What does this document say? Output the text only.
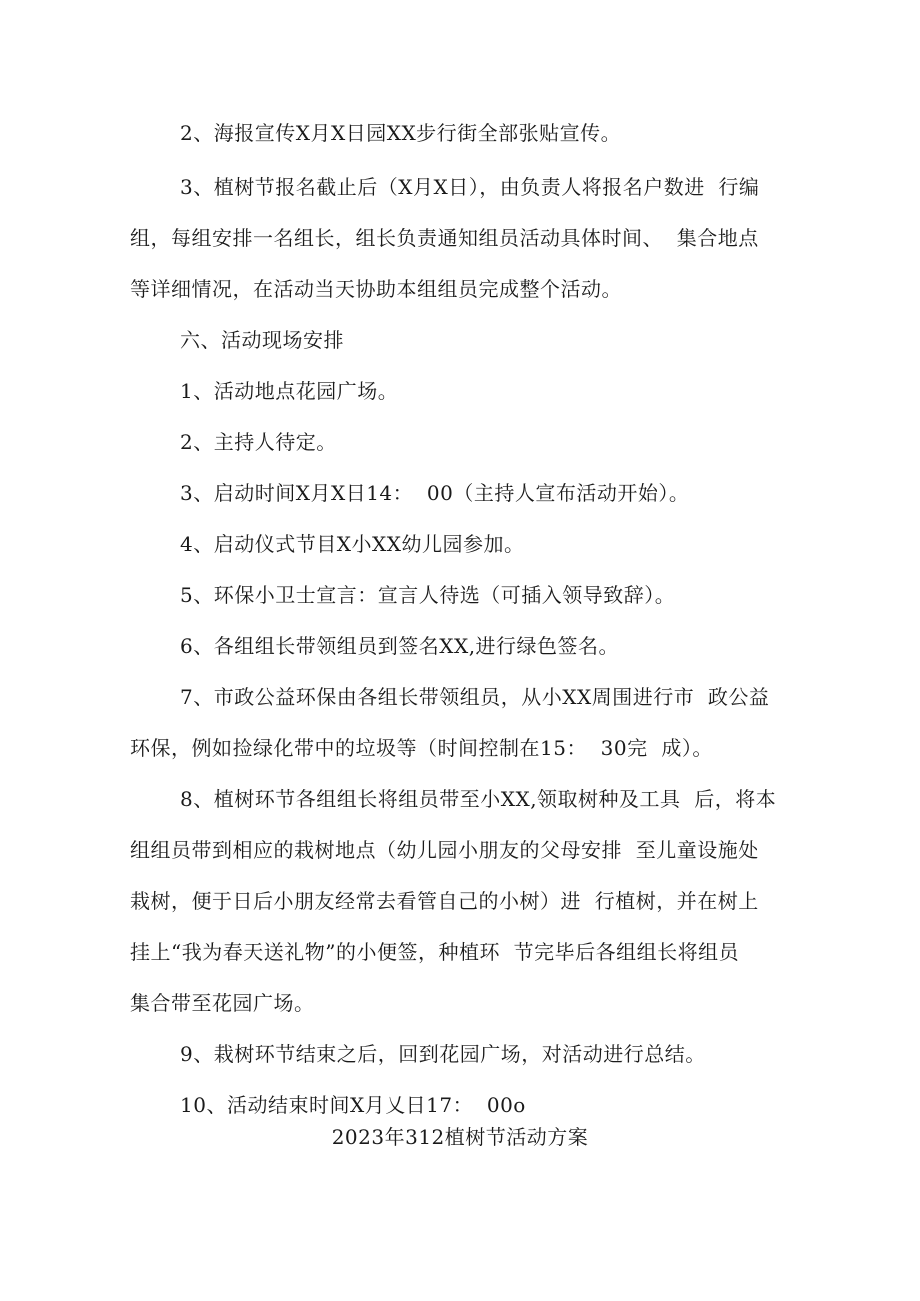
2、海报宣传X月X日园XX步行街全部张贴宣传。
3、植树节报名截止后（X月X日），由负责人将报名户数进  行编
组，每组安排一名组长，组长负责通知组员活动具体时间、  集合地点
等详细情况，在活动当天协助本组组员完成整个活动。
六、活动现场安排
1、活动地点花园广场。
2、主持人待定。
3、启动时间X月X日14：  00（主持人宣布活动开始）。
4、启动仪式节目X小XX幼儿园参加。
5、环保小卫士宣言：宣言人待选（可插入领导致辞）。
6、各组组长带领组员到签名XX,进行绿色签名。
7、市政公益环保由各组长带领组员，从小XX周围进行市  政公益
环保，例如捡绿化带中的垃圾等（时间控制在15：  30完  成）。
8、植树环节各组组长将组员带至小XX,领取树种及工具  后，将本
组组员带到相应的栽树地点（幼儿园小朋友的父母安排  至儿童设施处
栽树，便于日后小朋友经常去看管自己的小树）进  行植树，并在树上
挂上“我为春天送礼物”的小便签，种植环  节完毕后各组组长将组员
集合带至花园广场。
9、栽树环节结束之后，回到花园广场，对活动进行总结。
10、活动结束时间X月乂日17：  00o
2023年312植树节活动方案
